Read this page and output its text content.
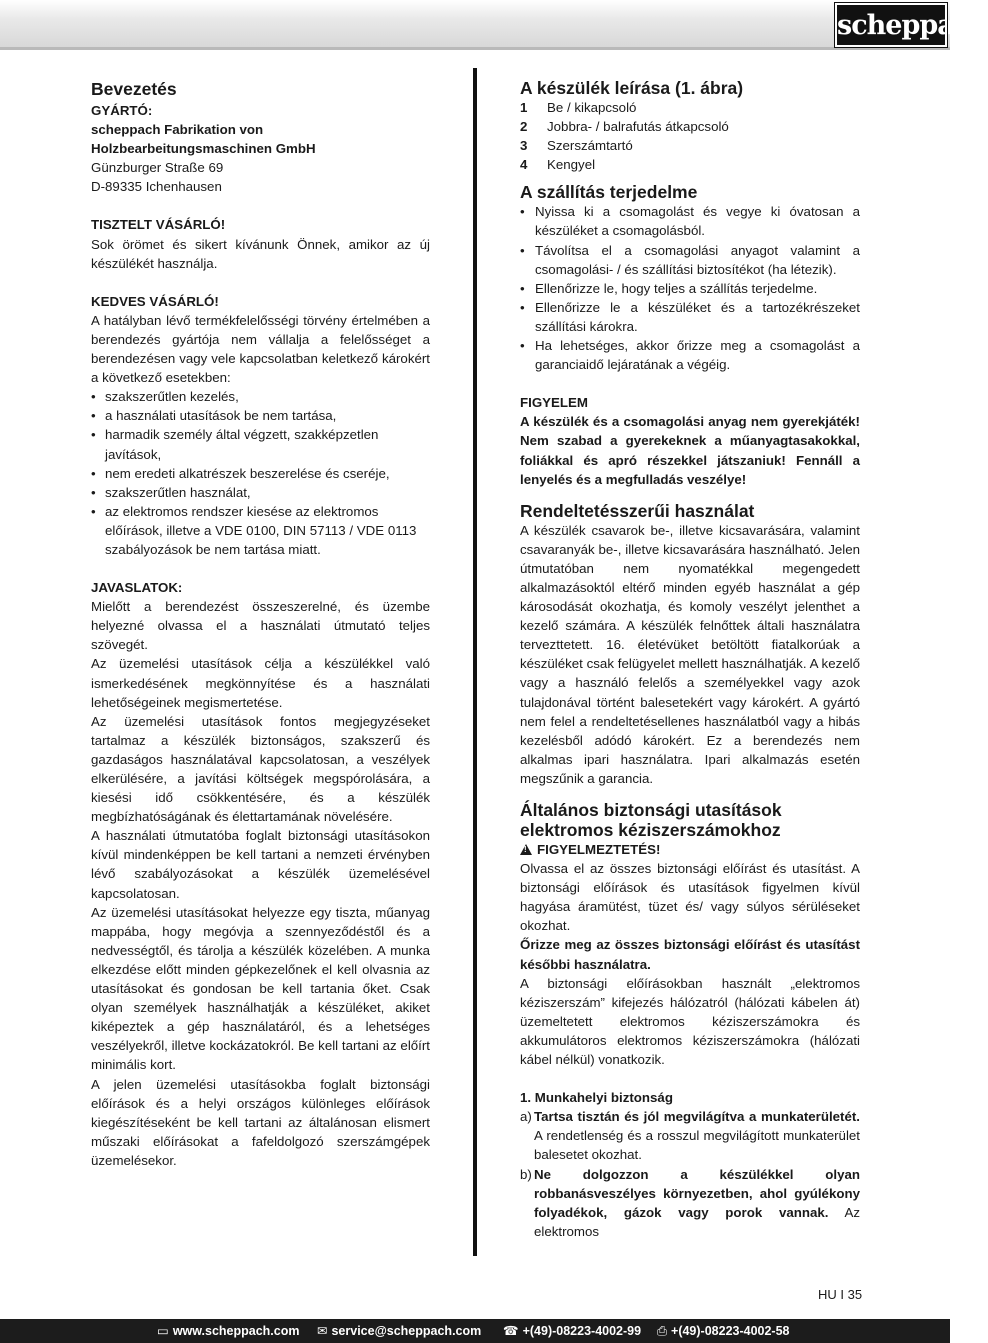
scheppach
Bevezetés
GYÁRTÓ:
scheppach Fabrikation von
Holzbearbeitungsmaschinen GmbH
Günzburger Straße 69
D-89335 Ichenhausen
TISZTELT VÁSÁRLÓ!
Sok örömet és sikert kívánunk Önnek, amikor az új készülékét használja.
KEDVES VÁSÁRLÓ!
A hatályban lévő termékfelelősségi törvény értelmében a berendezés gyártója nem vállalja a felelősséget a berendezésen vagy vele kapcsolatban keletkező károkért a következő esetekben:
• szakszerűtlen kezelés,
• a használati utasítások be nem tartása,
• harmadik személy által végzett, szakképzetlen javítások,
• nem eredeti alkatrészek beszerelése és cseréje,
• szakszerűtlen használat,
• az elektromos rendszer kiesése az elektromos előírások, illetve a VDE 0100, DIN 57113 / VDE 0113 szabályozások be nem tartása miatt.
JAVASLATOK:
Mielőtt a berendezést összeszerelné, és üzembe helyezné olvassa el a használati útmutató teljes szövegét.
Az üzemelési utasítások célja a készülékkel való ismerkedésének megkönnyítése és a használati lehetőségeinek megismertetése.
Az üzemelési utasítások fontos megjegyzéseket tartalmaz a készülék biztonságos, szakszerű és gazdaságos használatával kapcsolatosan, a veszélyek elkerülésére, a javítási költségek megspórolására, a kiesési idő csökkentésére, és a készülék megbízhatóságának és élettartamának növelésére.
A használati útmutatóba foglalt biztonsági utasításokon kívül mindenképpen be kell tartani a nemzeti érvényben lévő szabályozásokat a készülék üzemelésével kapcsolatosan.
Az üzemelési utasításokat helyezze egy tiszta, műanyag mappába, hogy megóvja a szennyeződéstől és a nedvességtől, és tárolja a készülék közelében. A munka elkezdése előtt minden gépkezelőnek el kell olvasnia az utasításokat és gondosan be kell tartania őket. Csak olyan személyek használhatják a készüléket, akiket kiképeztek a gép használatáról, és a lehetséges veszélyekről, illetve kockázatokról. Be kell tartani az előírt minimális kort.
A jelen üzemelési utasításokba foglalt biztonsági előírások és a helyi országos különleges előírások kiegészítéseként be kell tartani az általánosan elismert műszaki előírásokat a fafeldolgozó szerszámgépek üzemelésekor.
A készülék leírása (1. ábra)
1	Be / kikapcsoló
2	Jobbra- / balrafutás átkapcsoló
3	Szerszámtartó
4	Kengyel
A szállítás terjedelme
• Nyissa ki a csomagolást és vegye ki óvatosan a készüléket a csomagolásból.
• Távolítsa el a csomagolási anyagot valamint a csomagolási- / és szállítási biztosítékot (ha létezik).
• Ellenőrizze le, hogy teljes a szállítás terjedelme.
• Ellenőrizze le a készüléket és a tartozékrészeket szállítási károkra.
• Ha lehetséges, akkor őrizze meg a csomagolást a garanciaidő lejáratának a végéig.
FIGYELEM
A készülék és a csomagolási anyag nem gyerekjáték! Nem szabad a gyerekeknek a műanyagtasakokkal, foliákkal és apró részekkel játszaniuk! Fennáll a lenyelés és a megfulladás veszélye!
Rendeltetésszerűi használat
A készülék csavarok be-, illetve kicsavarására, valamint csavaranyák be-, illetve kicsavarására használható. Jelen útmutatóban nem nyomatékkal megengedett alkalmazásoktól eltérő minden egyéb használat a gép károsodását okozhatja, és komoly veszélyt jelenthet a kezelő számára. A készülék felnőttek általi használatra tervezttetett. 16. életévüket betöltött fiatalkorúak a készüléket csak felügyelet mellett használhatják. A kezelő vagy a használó felelős a személyekkel vagy azok tulajdonával történt balesetekért vagy károkért. A gyártó nem felel a rendeltetésellenes használatból vagy a hibás kezelésből adódó károkért. Ez a berendezés nem alkalmas ipari használatra. Ipari alkalmazás esetén megszűnik a garancia.
Általános biztonsági utasítások elektromos kéziszerszámokhoz
!FIGYELMEZTETÉS!
Olvassa el az összes biztonsági előírást és utasítást. A biztonsági előírások és utasítások figyelmen kívül hagyása áramütést, tüzet és/ vagy súlyos sérüléseket okozhat.
Őrizze meg az összes biztonsági előírást és utasítást későbbi használatra.
A biztonsági előírásokban használt „elektromos kéziszerszám” kifejezés hálózatról (hálózati kábelen át) üzemeltetett elektromos kéziszerszámokra és akkumulátoros elektromos kéziszerszámokra (hálózati kábel nélkül) vonatkozik.
1. Munkahelyi biztonság
a) Tartsa tisztán és jól megvilágítva a munkaterületét. A rendetlenség és a rosszul megvilágított munkaterület balesetet okozhat.
b) Ne dolgozzon a készülékkel olyan robbanásveszélyes környezetben, ahol gyúlékony folyadékok, gázok vagy porok vannak. Az elektromos
HU I 35
▭ www.scheppach.com ✉ service@scheppach.com ☎ +(49)-08223-4002-99 ⎙ +(49)-08223-4002-58
